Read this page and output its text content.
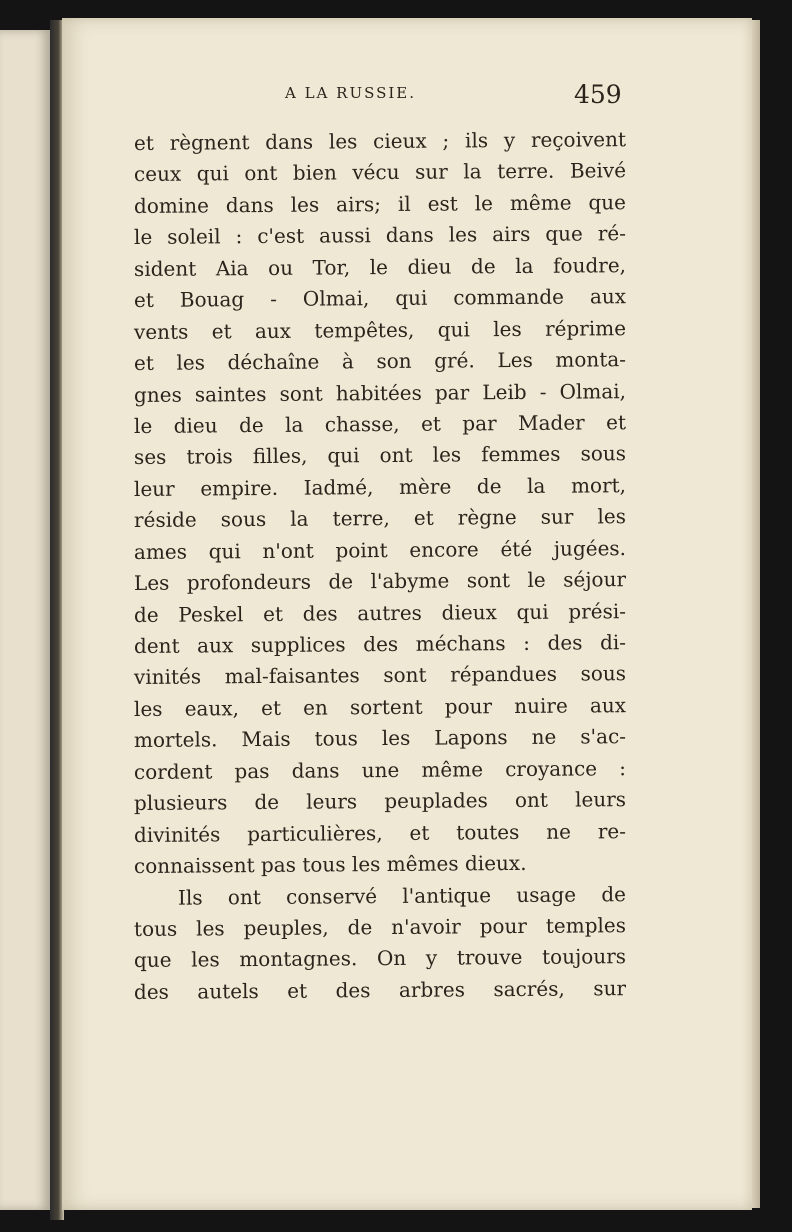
A LA RUSSIE.	459
et règnent dans les cieux ; ils y reçoivent
ceux qui ont bien vécu sur la terre. Beivé
domine dans les airs; il est le même que
le soleil : c'est aussi dans les airs que ré-
sident Aia ou Tor, le dieu de la foudre,
et Bouag - Olmai, qui commande aux
vents et aux tempêtes, qui les réprime
et les déchaîne à son gré. Les monta-
gnes saintes sont habitées par Leib - Olmai,
le dieu de la chasse, et par Mader et
ses trois filles, qui ont les femmes sous
leur empire. Iadmé, mère de la mort,
réside sous la terre, et règne sur les
ames qui n'ont point encore été jugées.
Les profondeurs de l'abyme sont le séjour
de Peskel et des autres dieux qui prési-
dent aux supplices des méchans : des di-
vinités mal-faisantes sont répandues sous
les eaux, et en sortent pour nuire aux
mortels. Mais tous les Lapons ne s'ac-
cordent pas dans une même croyance :
plusieurs de leurs peuplades ont leurs
divinités particulières, et toutes ne re-
connaissent pas tous les mêmes dieux.
Ils ont conservé l'antique usage de
tous les peuples, de n'avoir pour temples
que les montagnes. On y trouve toujours
des autels et des arbres sacrés, sur
